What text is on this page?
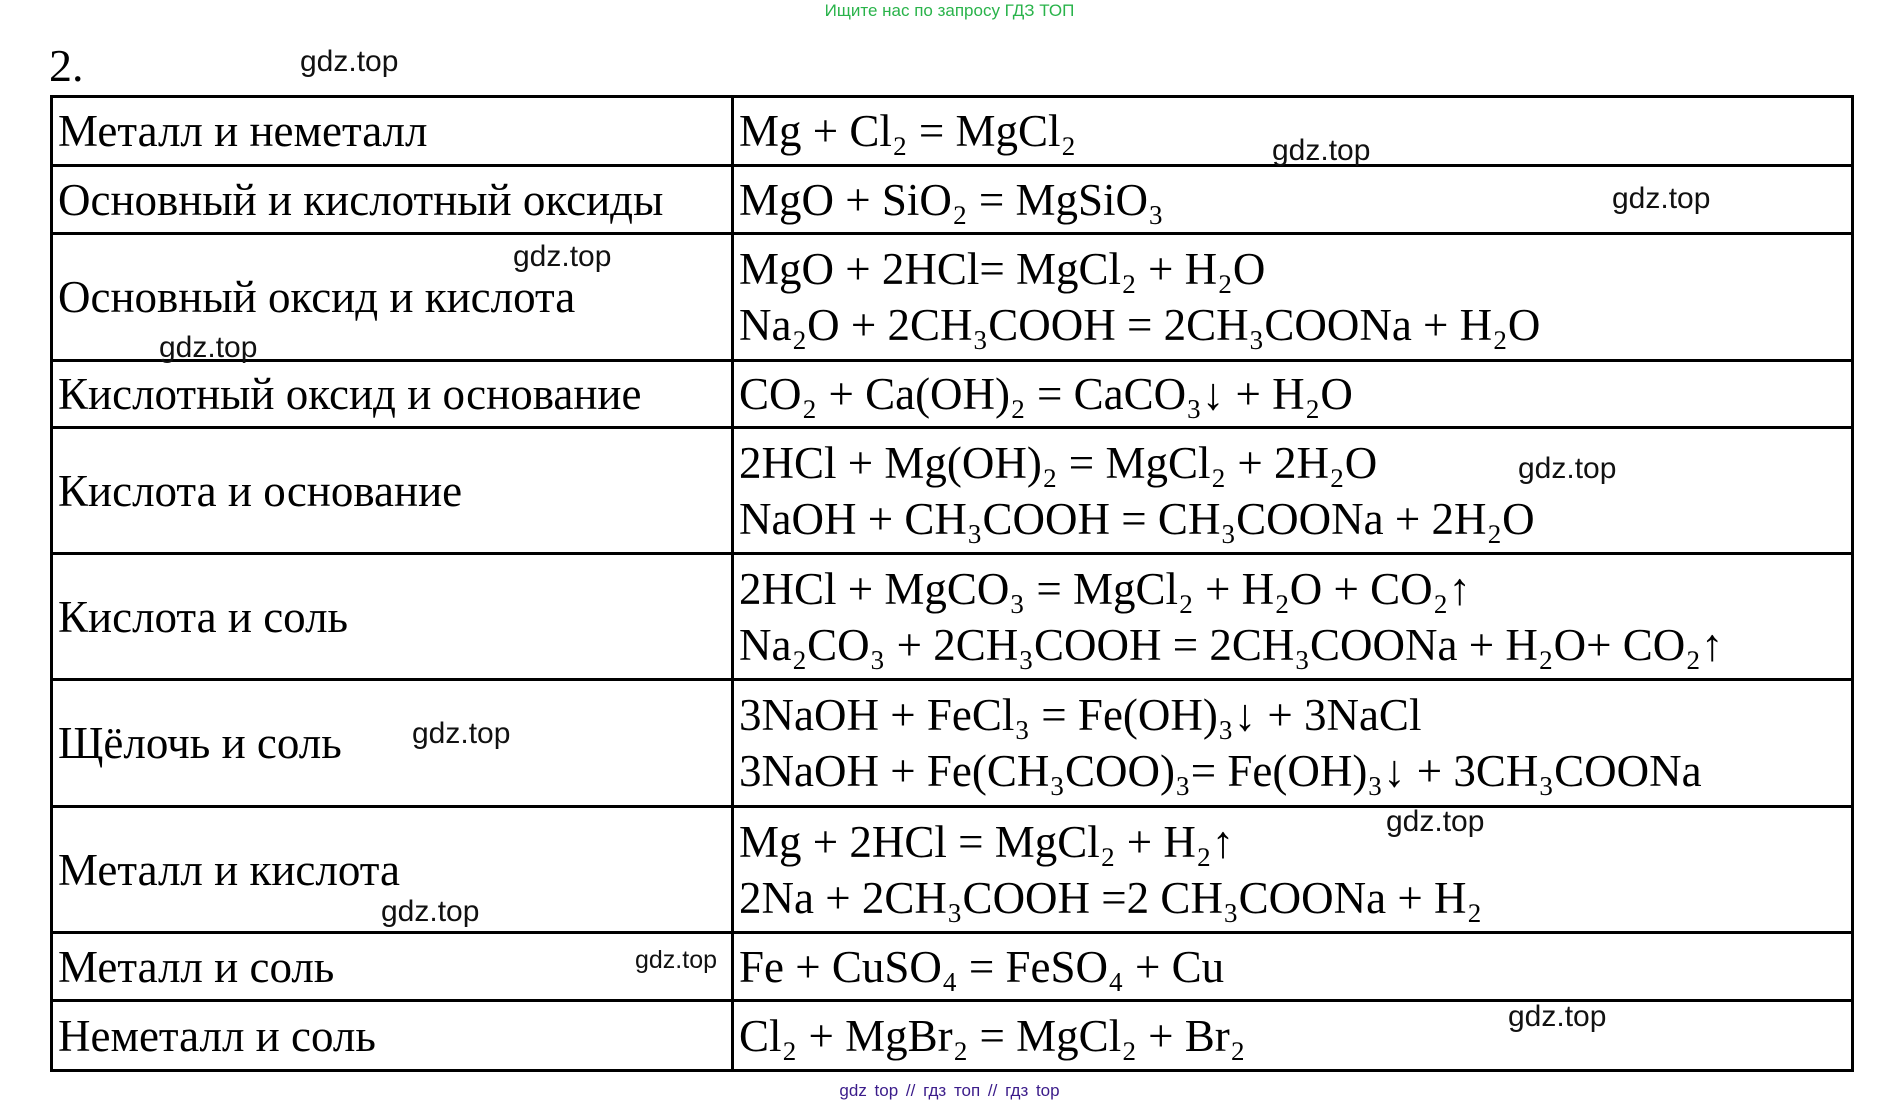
Ищите нас по запросу ГДЗ ТОП
2.
Металл и неметалл	Mg + Cl₂ = MgCl₂

Основный и кислотный оксиды	MgO + SiO₂ = MgSiO₃

Основный оксид и кислота	MgO + 2HCl= MgCl₂ + H₂O
Na₂O + 2CH₃COOH = 2CH₃COONa + H₂O

Кислотный оксид и основание	CO₂ + Ca(OH)₂ = CaCO₃↓ + H₂O

Кислота и основание	2HCl + Mg(OH)₂ = MgCl₂ + 2H₂O
NaOH + CH₃COOH = CH₃COONa + 2H₂O

Кислота и соль	2HCl + MgCO₃ = MgCl₂ + H₂O + CO₂↑
Na₂CO₃ + 2CH₃COOH = 2CH₃COONa + H₂O+ CO₂↑

Щёлочь и соль	3NaOH + FeCl₃ = Fe(OH)₃↓ + 3NaCl
3NaOH + Fe(CH₃COO)₃= Fe(OH)₃↓ + 3CH₃COONa

Металл и кислота	Mg + 2HCl = MgCl₂ + H₂↑
2Na + 2CH₃COOH =2 CH₃COONa + H₂

Металл и соль	Fe + CuSO₄ = FeSO₄ + Cu

Неметалл и соль	Cl₂ + MgBr₂ = MgCl₂ + Br₂
gdz.top
gdz.top
gdz.top
gdz.top
gdz.top
gdz.top
gdz.top
gdz.top
gdz.top
gdz.top
gdz.top
gdz top // гдз топ // гдз top
